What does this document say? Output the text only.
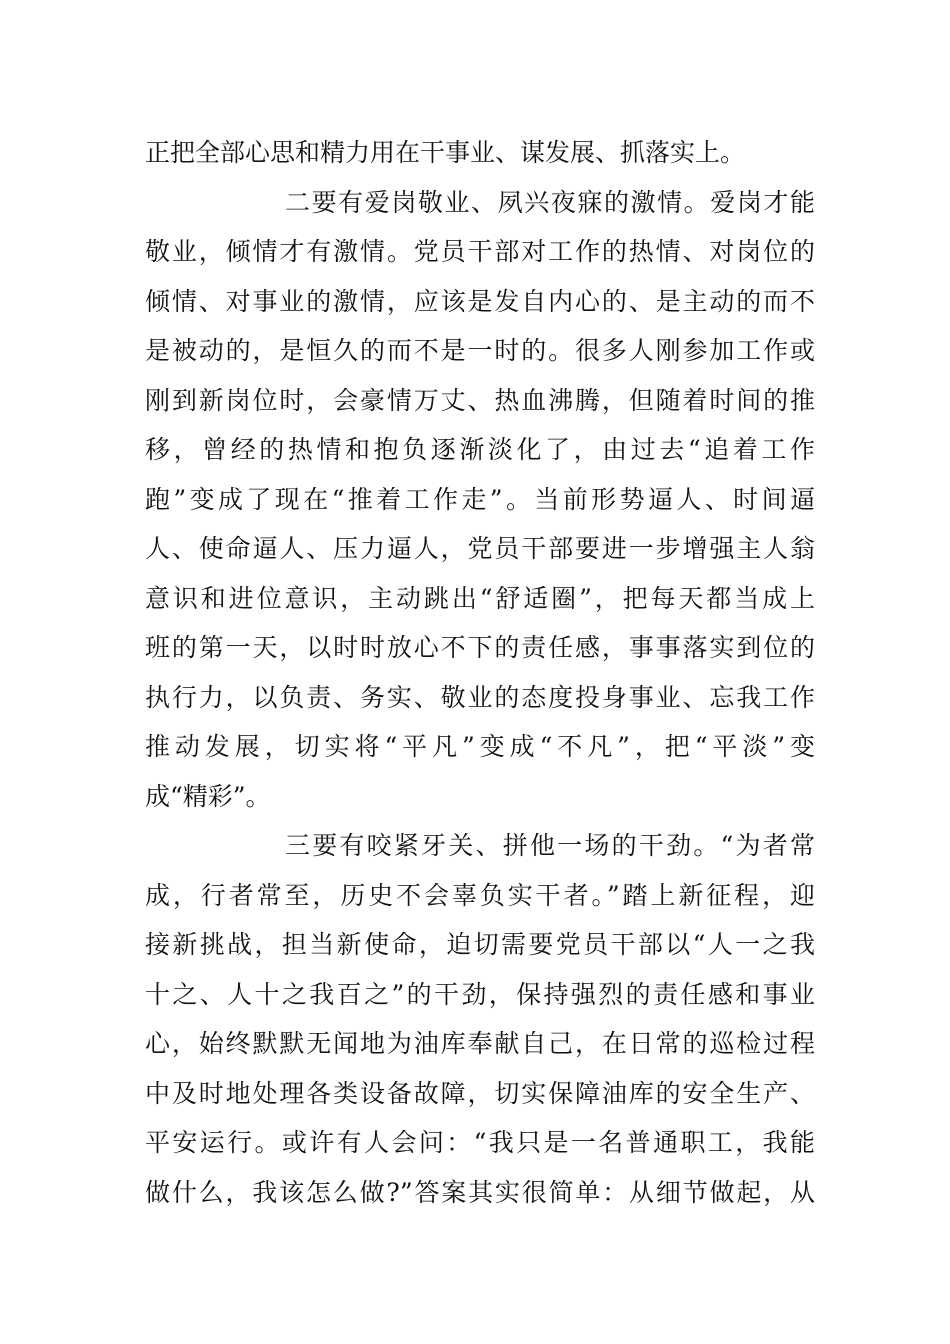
正把全部心思和精力用在干事业、谋发展、抓落实上。
二要有爱岗敬业、夙兴夜寐的激情。爱岗才能
敬业，倾情才有激情。党员干部对工作的热情、对岗位的
倾情、对事业的激情，应该是发自内心的、是主动的而不
是被动的，是恒久的而不是一时的。很多人刚参加工作或
刚到新岗位时，会豪情万丈、热血沸腾，但随着时间的推
移，曾经的热情和抱负逐渐淡化了，由过去“追着工作
跑”变成了现在“推着工作走”。当前形势逼人、时间逼
人、使命逼人、压力逼人，党员干部要进一步增强主人翁
意识和进位意识，主动跳出“舒适圈”，把每天都当成上
班的第一天，以时时放心不下的责任感，事事落实到位的
执行力，以负责、务实、敬业的态度投身事业、忘我工作
推动发展，切实将“平凡”变成“不凡”，把“平淡”变
成“精彩”。
三要有咬紧牙关、拼他一场的干劲。“为者常
成，行者常至，历史不会辜负实干者。”踏上新征程，迎
接新挑战，担当新使命，迫切需要党员干部以“人一之我
十之、人十之我百之”的干劲，保持强烈的责任感和事业
心，始终默默无闻地为油库奉献自己，在日常的巡检过程
中及时地处理各类设备故障，切实保障油库的安全生产、
平安运行。或许有人会问：“我只是一名普通职工，我能
做什么，我该怎么做?”答案其实很简单：从细节做起，从
